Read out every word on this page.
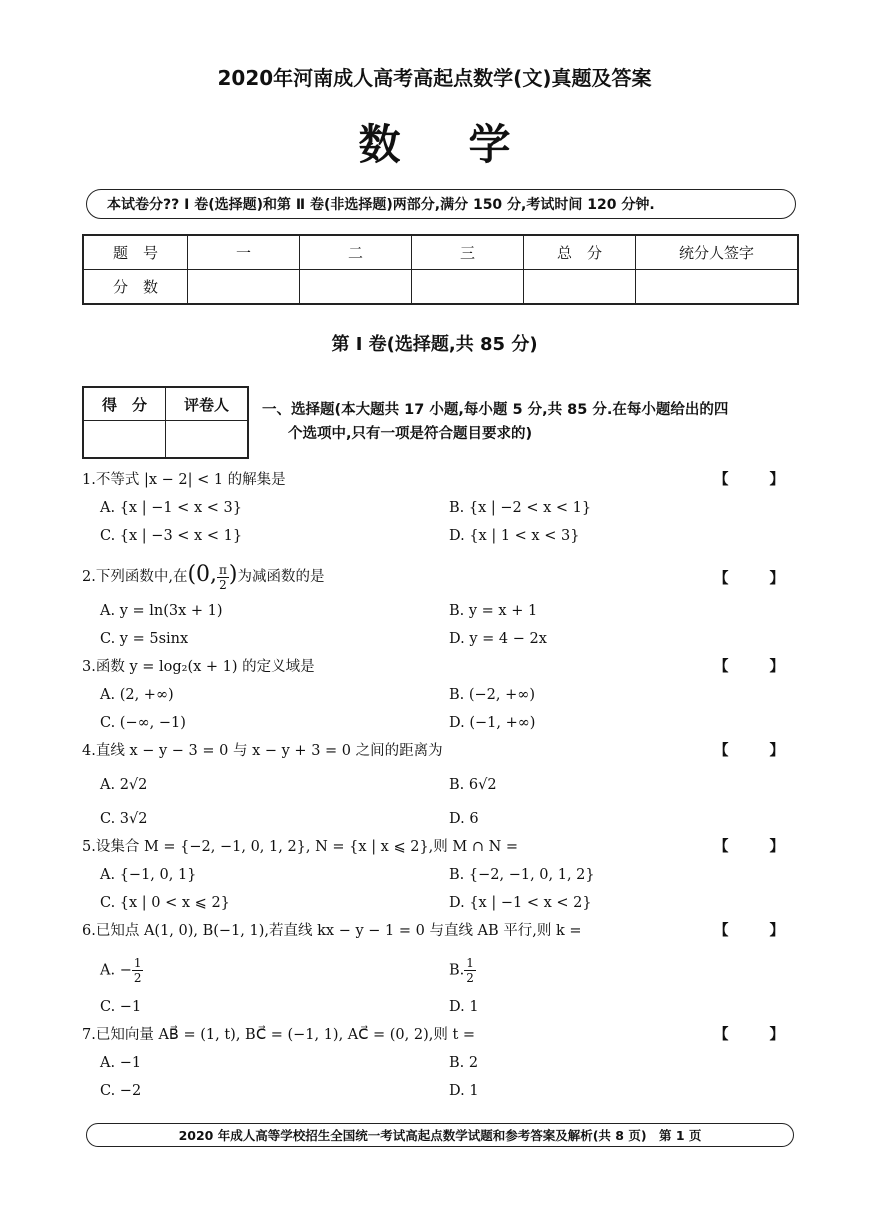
2020年河南成人高考高起点数学(文)真题及答案
数学
本试卷分?? Ⅰ 卷(选择题)和第 Ⅱ 卷(非选择题)两部分,满分 150 分,考试时间 120 分钟.
题　号	一	二	三	总　分	统分人签字
分　数					
第 Ⅰ 卷(选择题,共 85 分)
得　分	评卷人
	一、选择题(本大题共 17 小题,每小题 5 分,共 85 分.在每小题给出的四
个选项中,只有一项是符合题目要求的)
1.不等式 |x − 2| < 1 的解集是	【 】
A. {x | −1 < x < 3}	B. {x | −2 < x < 1}
C. {x | −3 < x < 1}	D. {x | 1 < x < 3}
2.下列函数中,在(0, $\frac{\pi}{2}$ )为减函数的是	【 】
A. y = ln(3x + 1)	B. y = x + 1
C. y = 5sinx	D. y = 4 − 2x
3.函数 y = log₂(x + 1) 的定义域是	【 】
A. (2, +∞)	B. (−2, +∞)
C. (−∞, −1)	D. (−1, +∞)
4.直线 x − y − 3 = 0 与 x − y + 3 = 0 之间的距离为	【 】
A. 2√2	B. 6√2
C. 3√2	D. 6
5.设集合 M = {−2, −1, 0, 1, 2}, N = {x | x ⩽ 2},则 M ∩ N =	【 】
A. {−1, 0, 1}	B. {−2, −1, 0, 1, 2}
C. {x | 0 < x ⩽ 2}	D. {x | −1 < x < 2}
6.已知点 A(1, 0), B(−1, 1),若直线 kx − y − 1 = 0 与直线 AB 平行,则 k =	【 】
A. − $\frac{1}{2}$	B. $\frac{1}{2}$
C. −1	D. 1
7.已知向量 AB⃗ = (1, t), BC⃗ = (−1, 1), AC⃗ = (0, 2),则 t =	【 】
A. −1	B. 2
C. −2	D. 1
2020 年成人高等学校招生全国统一考试高起点数学试题和参考答案及解析(共 8 页)　第 1 页
